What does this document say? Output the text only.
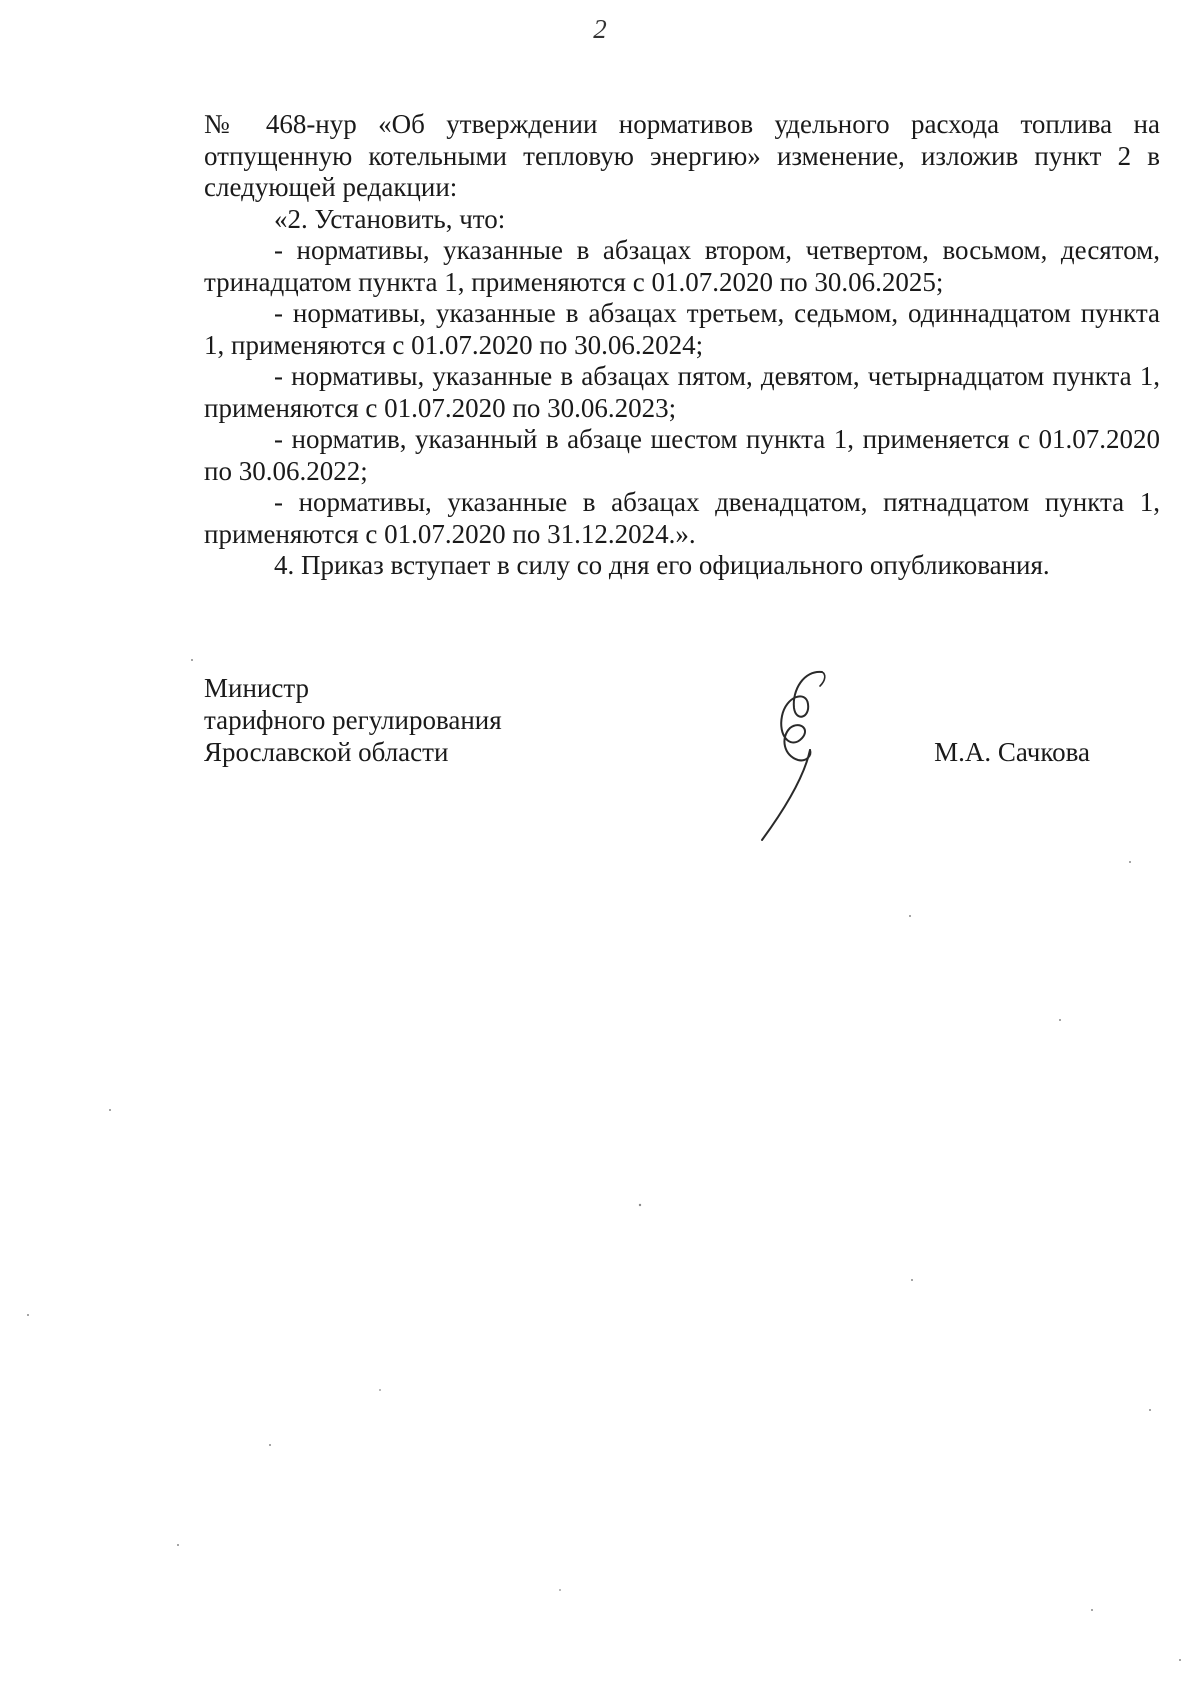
2

№ 468-нур «Об утверждении нормативов удельного расхода топлива на отпущенную котельными тепловую энергию» изменение, изложив пункт 2 в следующей редакции:

«2. Установить, что:

- нормативы, указанные в абзацах втором, четвертом, восьмом, десятом, тринадцатом пункта 1, применяются с 01.07.2020 по 30.06.2025;

- нормативы, указанные в абзацах третьем, седьмом, одиннадцатом пункта 1, применяются с 01.07.2020 по 30.06.2024;

- нормативы, указанные в абзацах пятом, девятом, четырнадцатом пункта 1, применяются с 01.07.2020 по 30.06.2023;

- норматив, указанный в абзаце шестом пункта 1, применяется с 01.07.2020 по 30.06.2022;

- нормативы, указанные в абзацах двенадцатом, пятнадцатом пункта 1, применяются с 01.07.2020 по 31.12.2024.».

4. Приказ вступает в силу со дня его официального опубликования.

Министр
тарифного регулирования
Ярославской области	М.А. Сачкова
